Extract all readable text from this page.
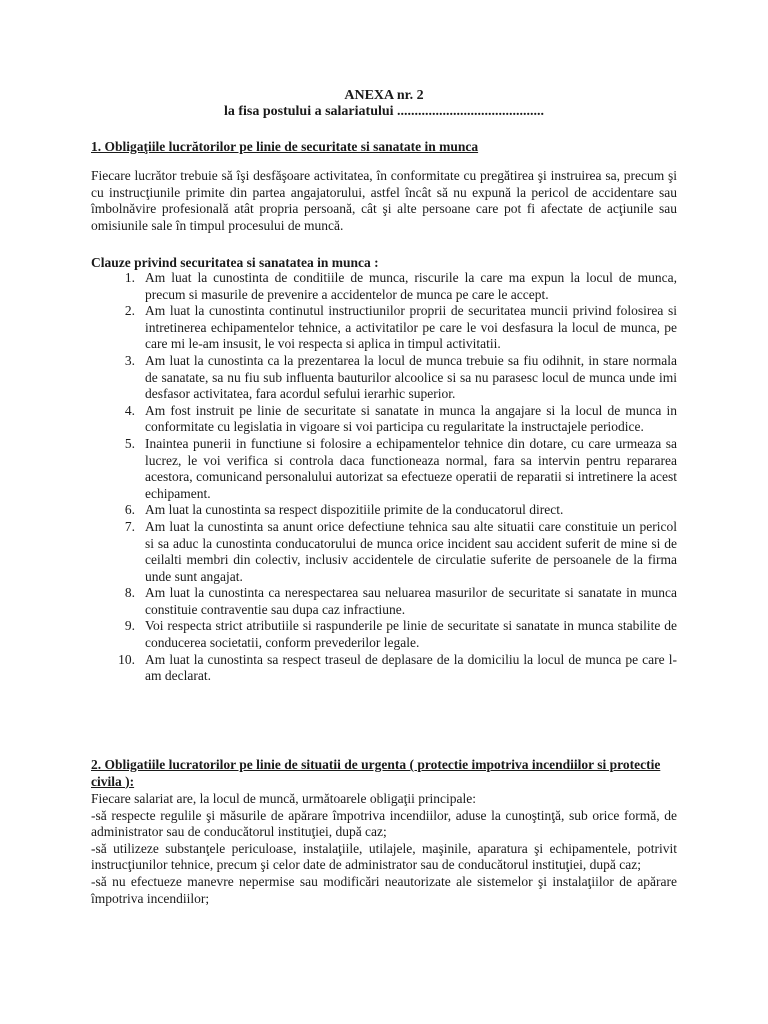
ANEXA nr. 2
la fisa postului a salariatului ..........................................
1. Obligaţiile lucrătorilor pe linie de securitate si sanatate in munca
Fiecare lucrător trebuie să îşi desfăşoare activitatea, în conformitate cu pregătirea şi instruirea sa, precum şi cu instrucţiunile primite din partea angajatorului, astfel încât să nu expună la pericol de accidentare sau îmbolnăvire profesională atât propria persoană, cât şi alte persoane care pot fi afectate de acţiunile sau omisiunile sale în timpul procesului de muncă.
Clauze privind securitatea si sanatatea in munca :
1. Am luat la cunostinta de conditiile de munca, riscurile la care ma expun la locul de munca, precum si masurile de prevenire a accidentelor de munca pe care le accept.
2. Am luat la cunostinta continutul instructiunilor proprii de securitatea muncii privind folosirea si intretinerea echipamentelor tehnice, a activitatilor pe care le voi desfasura la locul de munca, pe care mi le-am insusit, le voi respecta si aplica in timpul activitatii.
3. Am luat la cunostinta ca la prezentarea la locul de munca trebuie sa fiu odihnit, in stare normala de sanatate, sa nu fiu sub influenta bauturilor alcoolice si sa nu parasesc locul de munca unde imi desfasor activitatea, fara acordul sefului ierarhic superior.
4. Am fost instruit pe linie de securitate si sanatate in munca la angajare si la locul de munca in conformitate cu legislatia in vigoare si voi participa cu regularitate la instructajele periodice.
5. Inaintea punerii in functiune si folosire a echipamentelor tehnice din dotare, cu care urmeaza sa lucrez, le voi verifica si controla daca functioneaza normal, fara sa intervin pentru repararea acestora, comunicand personalului autorizat sa efectueze operatii de reparatii si intretinere la acest echipament.
6. Am luat la cunostinta sa respect dispozitiile primite de la conducatorul direct.
7. Am luat la cunostinta sa anunt orice defectiune tehnica sau alte situatii care constituie un pericol si sa aduc la cunostinta conducatorului de munca orice incident sau accident suferit de mine si de ceilalti membri din colectiv, inclusiv accidentele de circulatie suferite de persoanele de la firma unde sunt angajat.
8. Am luat la cunostinta ca nerespectarea sau neluarea masurilor de securitate si sanatate in munca constituie contraventie sau dupa caz infractiune.
9. Voi respecta strict atributiile si raspunderile pe linie de securitate si sanatate in munca stabilite de conducerea societatii, conform prevederilor legale.
10. Am luat la cunostinta sa respect traseul de deplasare de la domiciliu la locul de munca pe care l-am declarat.
2. Obligatiile lucratorilor pe linie de situatii de urgenta ( protectie impotriva incendiilor si protectie civila ):
Fiecare salariat are, la locul de muncă, următoarele obligaţii principale:
-să respecte regulile şi măsurile de apărare împotriva incendiilor, aduse la cunoştinţă, sub orice formă, de administrator sau de conducătorul instituţiei, după caz;
-să utilizeze substanţele periculoase, instalaţiile, utilajele, maşinile, aparatura şi echipamentele, potrivit instrucţiunilor tehnice, precum şi celor date de administrator sau de conducătorul instituţiei, după caz;
-să nu efectueze manevre nepermise sau modificări neautorizate ale sistemelor şi instalaţiilor de apărare împotriva incendiilor;
